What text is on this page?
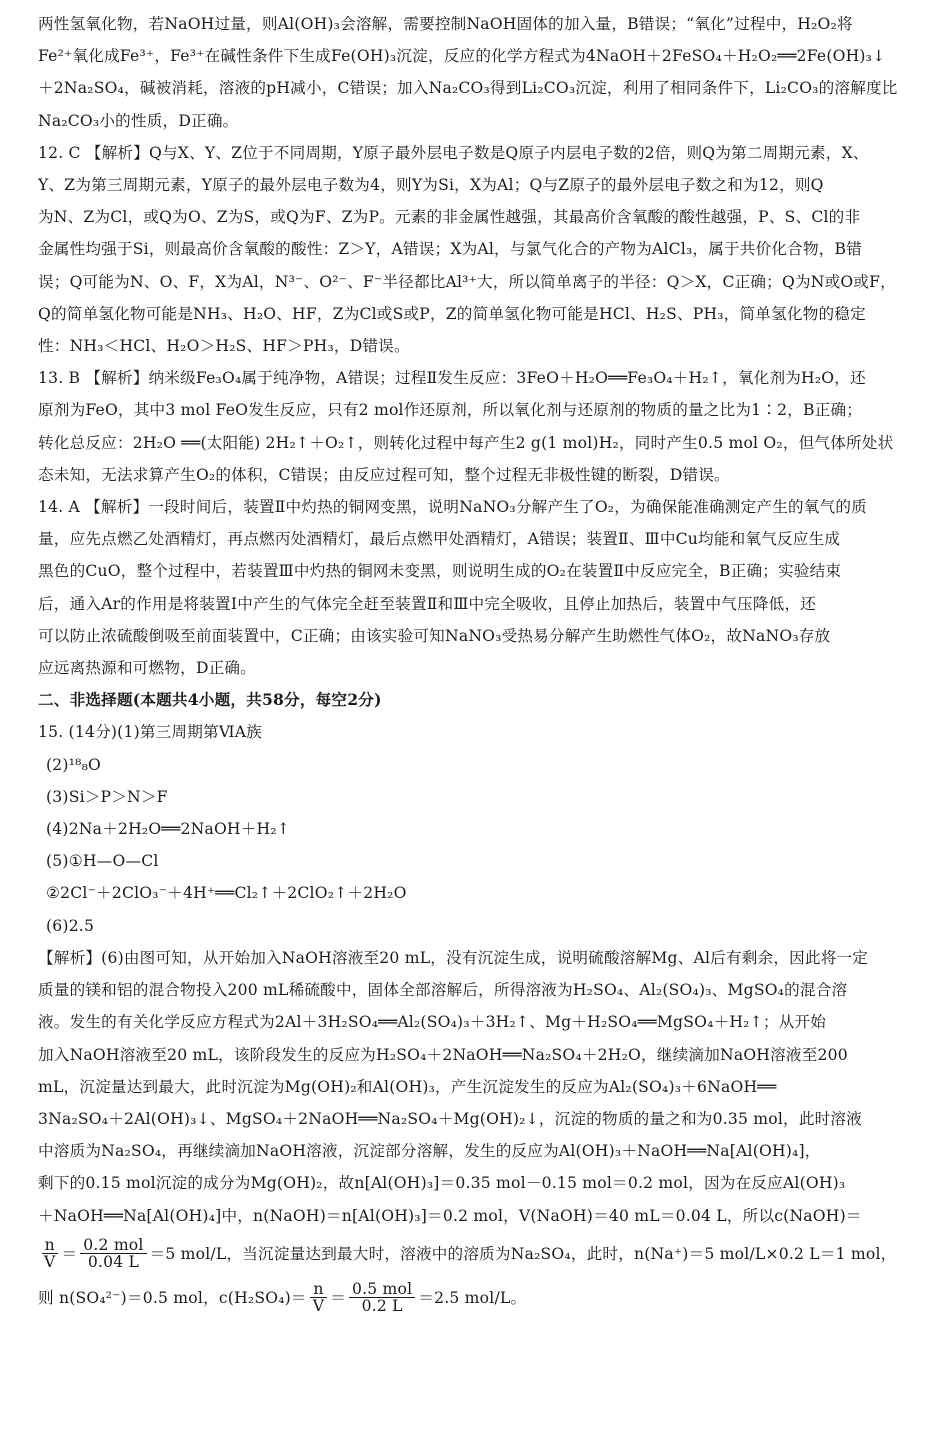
两性氢氧化物，若NaOH过量，则Al(OH)₃会溶解，需要控制NaOH固体的加入量，B错误；“氧化”过程中，H₂O₂将

Fe²⁺氧化成Fe³⁺，Fe³⁺在碱性条件下生成Fe(OH)₃沉淀，反应的化学方程式为4NaOH＋2FeSO₄＋H₂O₂══2Fe(OH)₃↓

＋2Na₂SO₄，碱被消耗，溶液的pH减小，C错误；加入Na₂CO₃得到Li₂CO₃沉淀，利用了相同条件下，Li₂CO₃的溶解度比

Na₂CO₃小的性质，D正确。

12. C 【解析】Q与X、Y、Z位于不同周期，Y原子最外层电子数是Q原子内层电子数的2倍，则Q为第二周期元素，X、

Y、Z为第三周期元素，Y原子的最外层电子数为4，则Y为Si，X为Al；Q与Z原子的最外层电子数之和为12，则Q

为N、Z为Cl，或Q为O、Z为S，或Q为F、Z为P。元素的非金属性越强，其最高价含氧酸的酸性越强，P、S、Cl的非

金属性均强于Si，则最高价含氧酸的酸性：Z＞Y，A错误；X为Al，与氯气化合的产物为AlCl₃，属于共价化合物，B错

误；Q可能为N、O、F，X为Al，N³⁻、O²⁻、F⁻半径都比Al³⁺大，所以简单离子的半径：Q＞X，C正确；Q为N或O或F，

Q的简单氢化物可能是NH₃、H₂O、HF，Z为Cl或S或P，Z的简单氢化物可能是HCl、H₂S、PH₃，简单氢化物的稳定

性：NH₃＜HCl、H₂O＞H₂S、HF＞PH₃，D错误。

13. B 【解析】纳米级Fe₃O₄属于纯净物，A错误；过程Ⅱ发生反应：3FeO＋H₂O══Fe₃O₄＋H₂↑，氧化剂为H₂O，还

原剂为FeO，其中3 mol FeO发生反应，只有2 mol作还原剂，所以氧化剂与还原剂的物质的量之比为1∶2，B正确；

转化总反应：2H₂O ══(太阳能) 2H₂↑＋O₂↑，则转化过程中每产生2 g(1 mol)H₂，同时产生0.5 mol O₂，但气体所处状

态未知，无法求算产生O₂的体积，C错误；由反应过程可知，整个过程无非极性键的断裂，D错误。

14. A 【解析】一段时间后，装置Ⅱ中灼热的铜网变黑，说明NaNO₃分解产生了O₂，为确保能准确测定产生的氧气的质

量，应先点燃乙处酒精灯，再点燃丙处酒精灯，最后点燃甲处酒精灯，A错误；装置Ⅱ、Ⅲ中Cu均能和氧气反应生成

黑色的CuO，整个过程中，若装置Ⅲ中灼热的铜网未变黑，则说明生成的O₂在装置Ⅱ中反应完全，B正确；实验结束

后，通入Ar的作用是将装置Ⅰ中产生的气体完全赶至装置Ⅱ和Ⅲ中完全吸收，且停止加热后，装置中气压降低，还

可以防止浓硫酸倒吸至前面装置中，C正确；由该实验可知NaNO₃受热易分解产生助燃性气体O₂，故NaNO₃存放

应远离热源和可燃物，D正确。

二、非选择题(本题共4小题，共58分，每空2分)

15. (14分)(1)第三周期第ⅥA族

(2)¹⁸₈O

(3)Si＞P＞N＞F

(4)2Na＋2H₂O══2NaOH＋H₂↑

(5)①H—O—Cl

②2Cl⁻＋2ClO₃⁻＋4H⁺══Cl₂↑＋2ClO₂↑＋2H₂O

(6)2.5

【解析】(6)由图可知，从开始加入NaOH溶液至20 mL，没有沉淀生成，说明硫酸溶解Mg、Al后有剩余，因此将一定

质量的镁和铝的混合物投入200 mL稀硫酸中，固体全部溶解后，所得溶液为H₂SO₄、Al₂(SO₄)₃、MgSO₄的混合溶

液。发生的有关化学反应方程式为2Al＋3H₂SO₄══Al₂(SO₄)₃＋3H₂↑、Mg＋H₂SO₄══MgSO₄＋H₂↑；从开始

加入NaOH溶液至20 mL，该阶段发生的反应为H₂SO₄＋2NaOH══Na₂SO₄＋2H₂O，继续滴加NaOH溶液至200

mL，沉淀量达到最大，此时沉淀为Mg(OH)₂和Al(OH)₃，产生沉淀发生的反应为Al₂(SO₄)₃＋6NaOH══

3Na₂SO₄＋2Al(OH)₃↓、MgSO₄＋2NaOH══Na₂SO₄＋Mg(OH)₂↓，沉淀的物质的量之和为0.35 mol，此时溶液

中溶质为Na₂SO₄，再继续滴加NaOH溶液，沉淀部分溶解，发生的反应为Al(OH)₃＋NaOH══Na[Al(OH)₄]，

剩下的0.15 mol沉淀的成分为Mg(OH)₂，故n[Al(OH)₃]＝0.35 mol－0.15 mol＝0.2 mol，因为在反应Al(OH)₃

＋NaOH══Na[Al(OH)₄]中，n(NaOH)＝n[Al(OH)₃]＝0.2 mol，V(NaOH)＝40 mL＝0.04 L，所以c(NaOH)＝

$\frac{n}{V} = \frac{\text{0.2 mol}}{0.04 L} =5$ mol/L，当沉淀量达到最大时，溶液中的溶质为Na₂SO₄，此时，n(Na⁺)＝5 mol/L×0.2 L＝1 mol，
则 n(SO₄²⁻)＝0.5 mol，$c(H_2SO_4)= \frac{n}{V} = \frac{\text{0.5 mol}}{0.2 L} =2.5$ mol/L。
